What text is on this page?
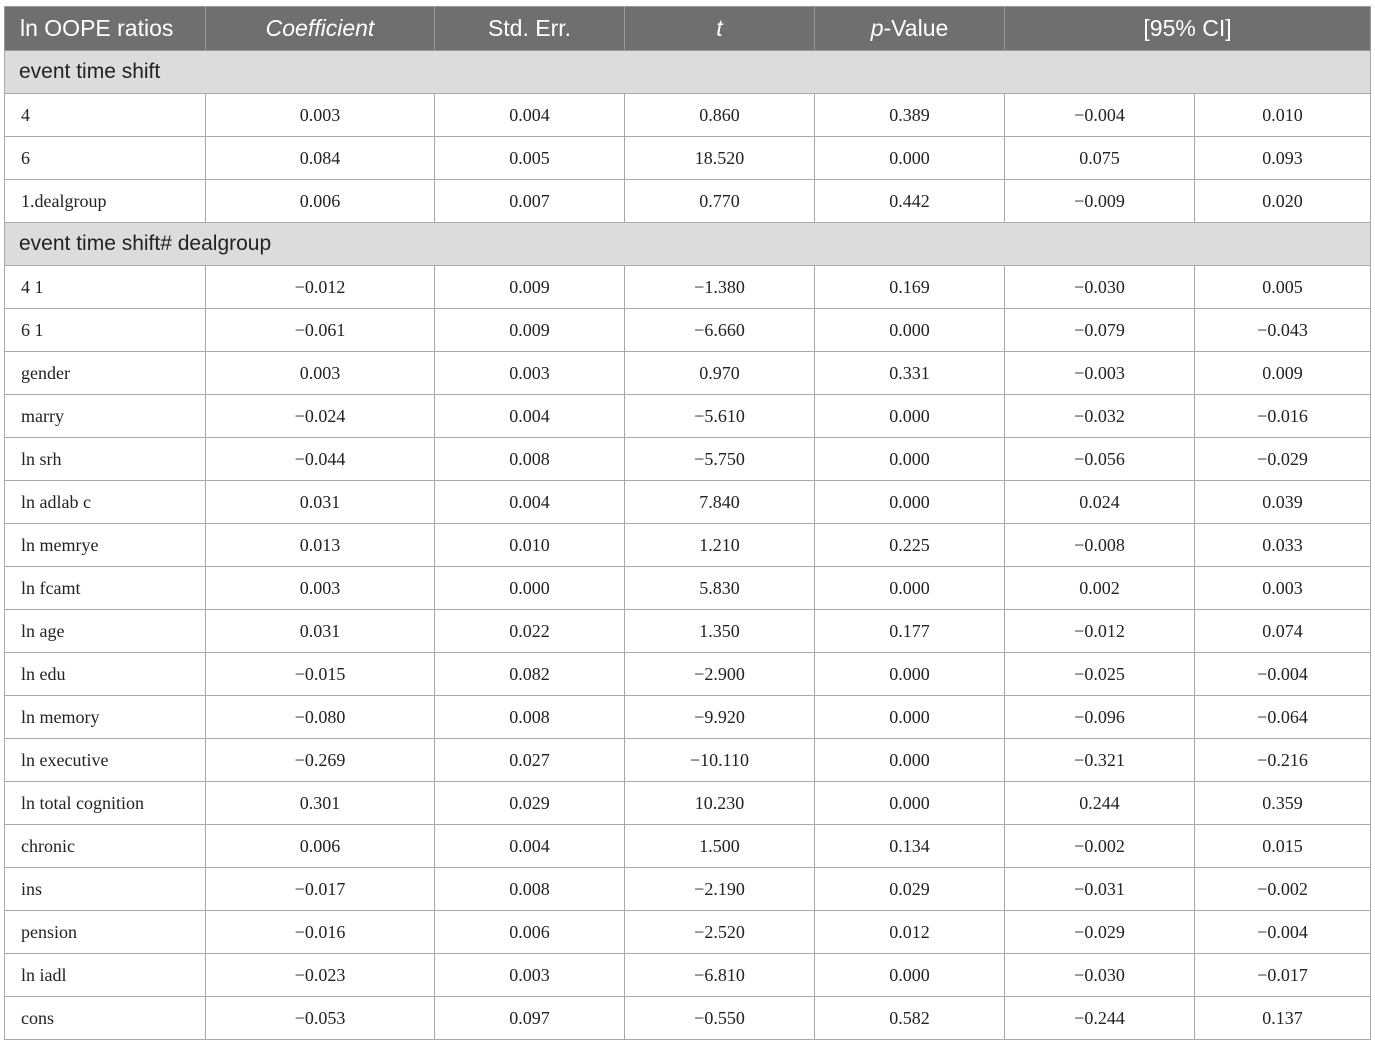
ln OOPE ratios	Coefficient	Std. Err.	t	p-Value	[95% CI]	
event time shift						
4	0.003	0.004	0.860	0.389	−0.004	0.010
6	0.084	0.005	18.520	0.000	0.075	0.093
1.dealgroup	0.006	0.007	0.770	0.442	−0.009	0.020
event time shift# dealgroup						
4 1	−0.012	0.009	−1.380	0.169	−0.030	0.005
6 1	−0.061	0.009	−6.660	0.000	−0.079	−0.043
gender	0.003	0.003	0.970	0.331	−0.003	0.009
marry	−0.024	0.004	−5.610	0.000	−0.032	−0.016
ln srh	−0.044	0.008	−5.750	0.000	−0.056	−0.029
ln adlab c	0.031	0.004	7.840	0.000	0.024	0.039
ln memrye	0.013	0.010	1.210	0.225	−0.008	0.033
ln fcamt	0.003	0.000	5.830	0.000	0.002	0.003
ln age	0.031	0.022	1.350	0.177	−0.012	0.074
ln edu	−0.015	0.082	−2.900	0.000	−0.025	−0.004
ln memory	−0.080	0.008	−9.920	0.000	−0.096	−0.064
ln executive	−0.269	0.027	−10.110	0.000	−0.321	−0.216
ln total cognition	0.301	0.029	10.230	0.000	0.244	0.359
chronic	0.006	0.004	1.500	0.134	−0.002	0.015
ins	−0.017	0.008	−2.190	0.029	−0.031	−0.002
pension	−0.016	0.006	−2.520	0.012	−0.029	−0.004
ln iadl	−0.023	0.003	−6.810	0.000	−0.030	−0.017
cons	−0.053	0.097	−0.550	0.582	−0.244	0.137
